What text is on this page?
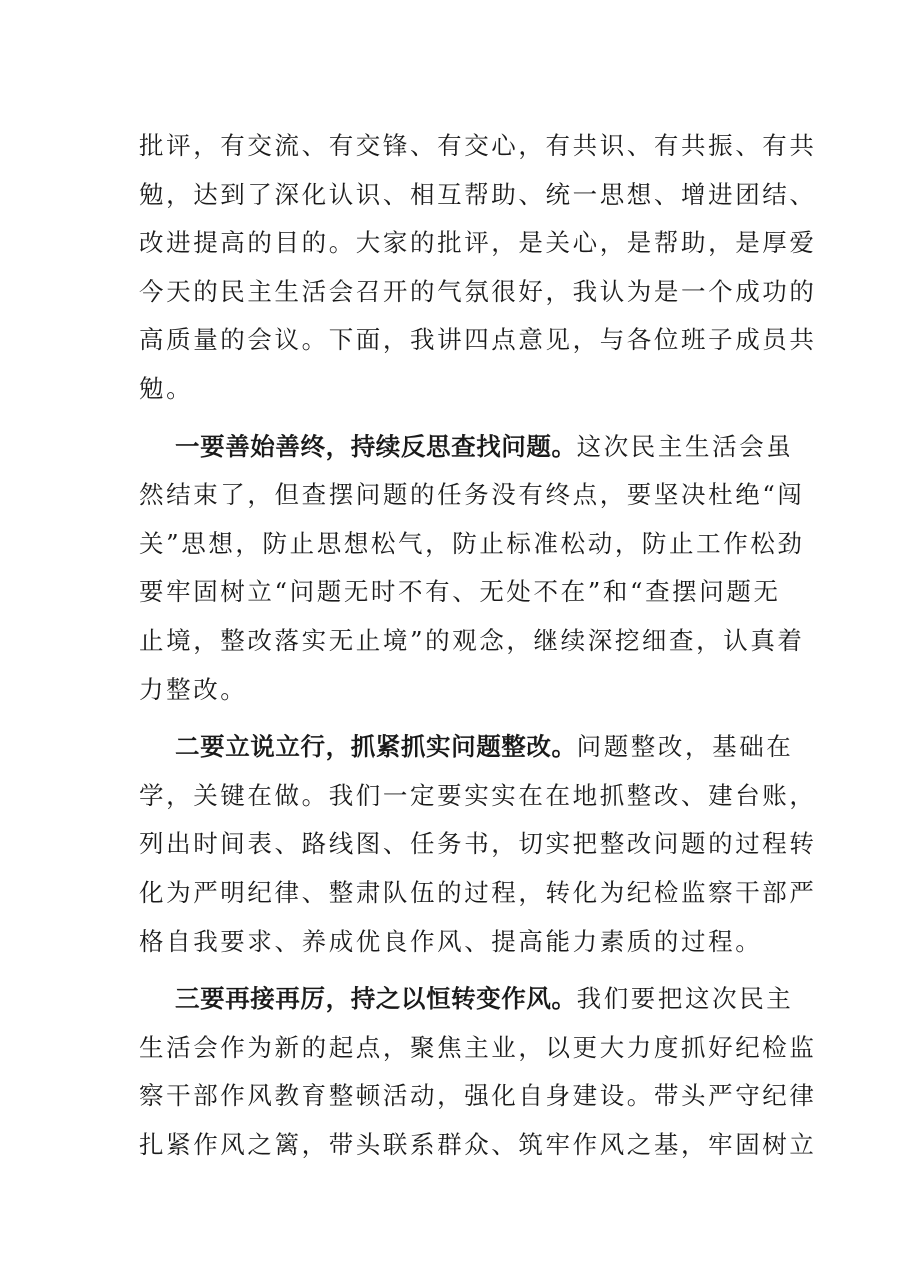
批评，有交流、有交锋、有交心，有共识、有共振、有共
勉，达到了深化认识、相互帮助、统一思想、增进团结、
改进提高的目的。大家的批评，是关心，是帮助，是厚爱
今天的民主生活会召开的气氛很好，我认为是一个成功的
高质量的会议。下面，我讲四点意见，与各位班子成员共
勉。
一要善始善终，持续反思查找问题。这次民主生活会虽
然结束了，但查摆问题的任务没有终点，要坚决杜绝“闯
关”思想，防止思想松气，防止标准松动，防止工作松劲
要牢固树立“问题无时不有、无处不在”和“查摆问题无
止境，整改落实无止境”的观念，继续深挖细查，认真着
力整改。
二要立说立行，抓紧抓实问题整改。问题整改，基础在
学，关键在做。我们一定要实实在在地抓整改、建台账，
列出时间表、路线图、任务书，切实把整改问题的过程转
化为严明纪律、整肃队伍的过程，转化为纪检监察干部严
格自我要求、养成优良作风、提高能力素质的过程。
三要再接再厉，持之以恒转变作风。我们要把这次民主
生活会作为新的起点，聚焦主业，以更大力度抓好纪检监
察干部作风教育整顿活动，强化自身建设。带头严守纪律
扎紧作风之篱，带头联系群众、筑牢作风之基，牢固树立
